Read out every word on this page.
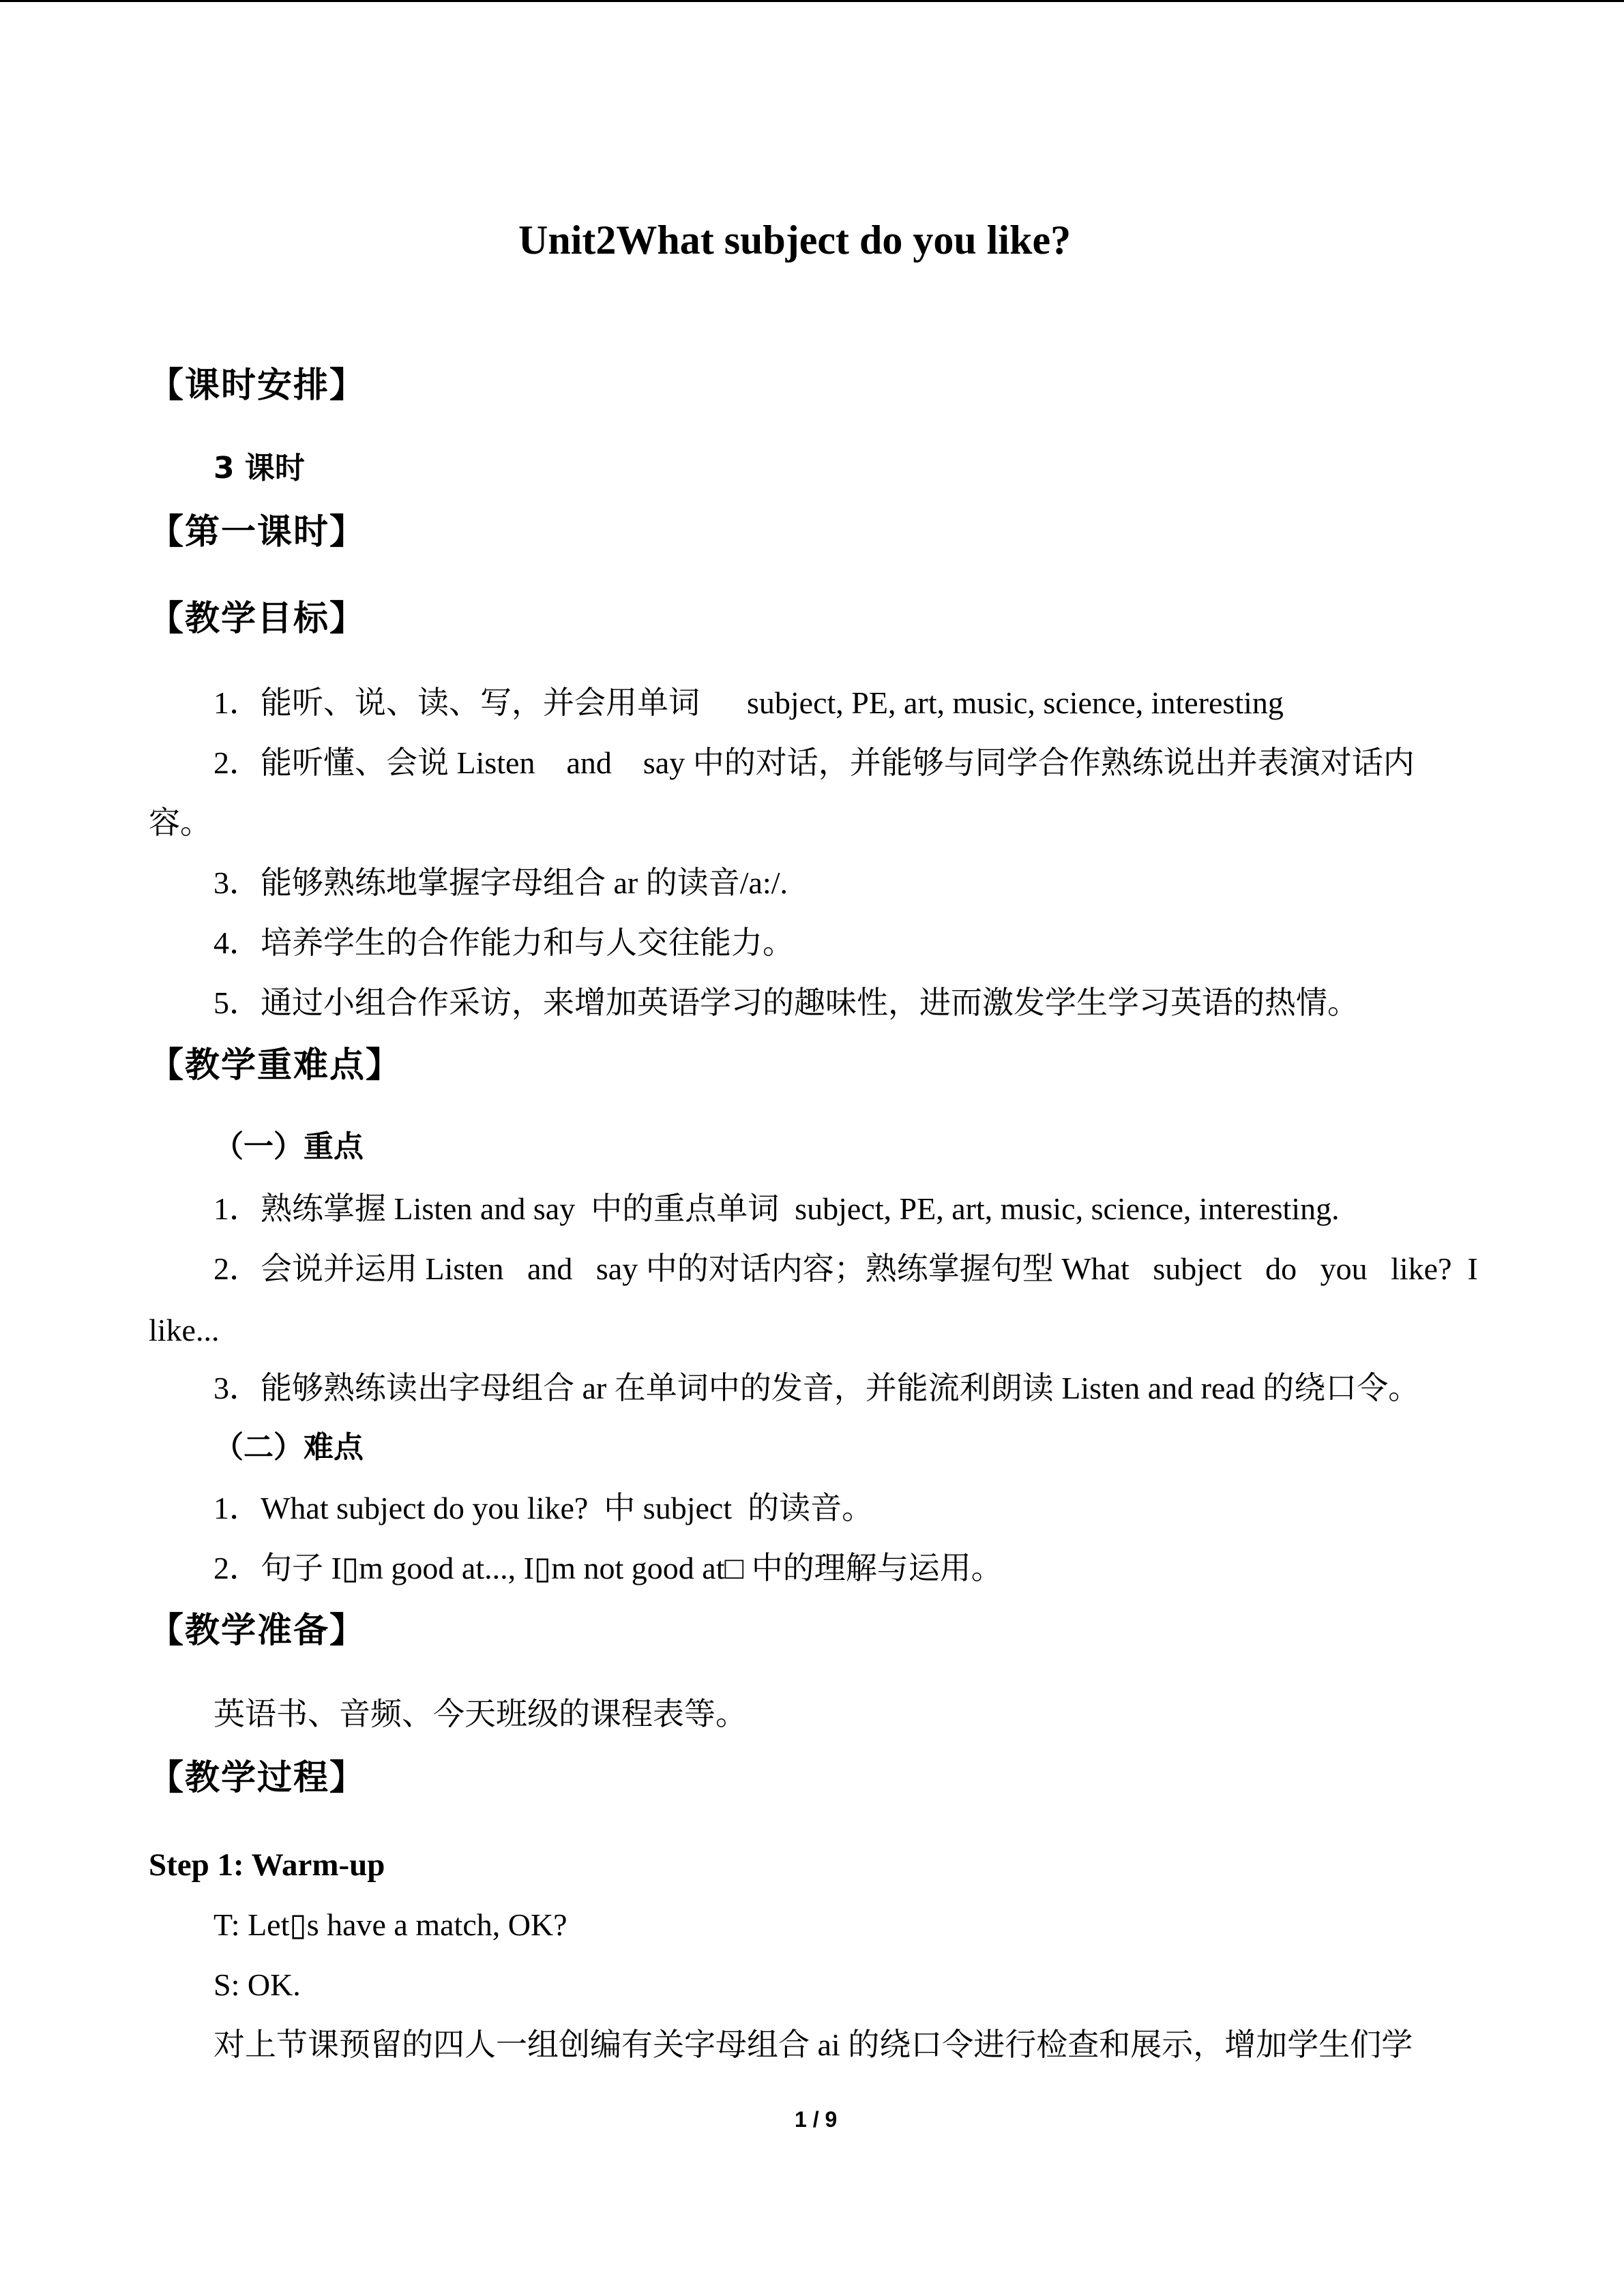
Unit2What subject do you like?
【课时安排】
3 课时
【第一课时】
【教学目标】
1．能听、说、读、写，并会用单词      subject, PE, art, music, science, interesting
2．能听懂、会说 Listen    and    say 中的对话，并能够与同学合作熟练说出并表演对话内
容。
3．能够熟练地掌握字母组合 ar 的读音/a:/.
4．培养学生的合作能力和与人交往能力。
5．通过小组合作采访，来增加英语学习的趣味性，进而激发学生学习英语的热情。
【教学重难点】
（一）重点
1．熟练掌握 Listen and say  中的重点单词  subject, PE, art, music, science, interesting.
2．会说并运用 Listen   and   say 中的对话内容；熟练掌握句型 What   subject   do   you   like?  I
like...
3．能够熟练读出字母组合 ar 在单词中的发音，并能流利朗读 Listen and read 的绕口令。
（二）难点
1．What subject do you like?  中 subject  的读音。
2．句子 I▯m good at..., I▯m not good at□ 中的理解与运用。
【教学准备】
英语书、音频、今天班级的课程表等。
【教学过程】
Step 1: Warm-up
T: Let▯s have a match, OK?
S: OK.
对上节课预留的四人一组创编有关字母组合 ai 的绕口令进行检查和展示，增加学生们学
1 / 9
